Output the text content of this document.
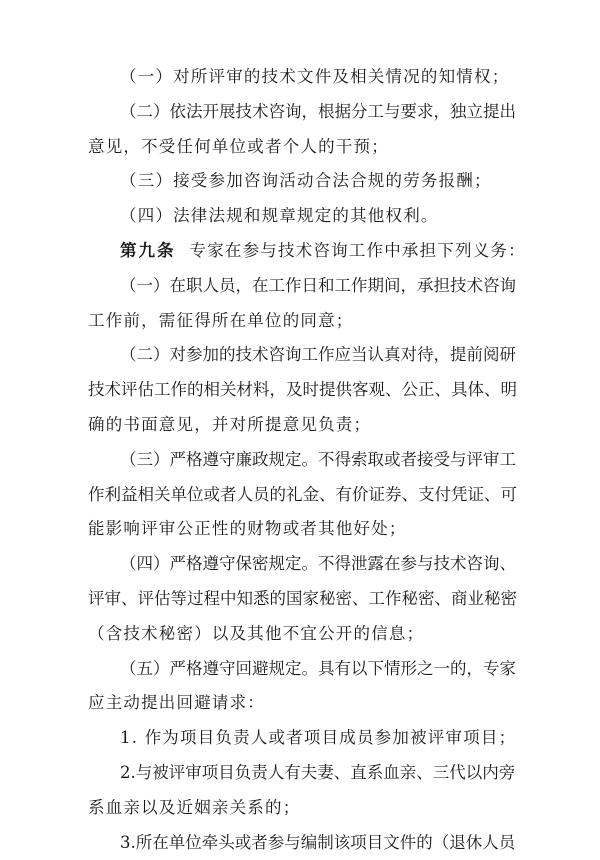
（一）对所评审的技术文件及相关情况的知情权；
（ 二 ） 依 法 开 展 技 术 咨 询 ， 根 据 分 工 与 要 求 ， 独 立 提 出
意见，不受任何单位或者个人的干预；
（三）接受参加咨询活动合法合规的劳务报酬；
（四）法律法规和规章规定的其他权利。
第九条 专家在参与技术咨询工作中承担下列义务：
（ 一 ） 在 职 人 员 ， 在 工 作 日 和 工 作 期 间 ， 承 担 技 术 咨 询
工作前，需征得所在单位的同意；
（ 二 ） 对 参 加 的 技 术 咨 询 工 作 应 当 认 真 对 待 ， 提 前 阅 研
技 术 评 估 工 作 的 相 关 材 料 ， 及 时 提 供 客 观 、 公 正 、 具 体 、 明
确的书面意见，并对所提意见负责；
（ 三 ） 严 格 遵 守 廉 政 规 定 。 不 得 索 取 或 者 接 受 与 评 审 工
作 利 益 相 关 单 位 或 者 人 员 的 礼 金 、 有 价 证 券 、 支 付 凭 证 、 可
能影响评审公正性的财物或者其他好处；
（ 四 ） 严 格 遵 守 保 密 规 定 。 不 得 泄 露 在 参 与 技 术 咨 询 、
评 审 、 评 估 等 过 程 中 知 悉 的 国 家 秘 密 、 工 作 秘 密 、 商 业 秘 密
（含技术秘密）以及其他不宜公开的信息；
（ 五 ） 严 格 遵 守 回 避 规 定 。 具 有 以 下 情 形 之 一 的 ， 专 家
应主动提出回避请求：
1. 作为项目负责人或者项目成员参加被评审项目；
2 . 与 被 评 审 项 目 负 责 人 有 夫 妻 、 直 系 血 亲 、 三 代 以 内 旁
系血亲以及近姻亲关系的；
3 . 所 在 单 位 牵 头 或 者 参 与 编 制 该 项 目 文 件 的 （ 退 休 人 员
